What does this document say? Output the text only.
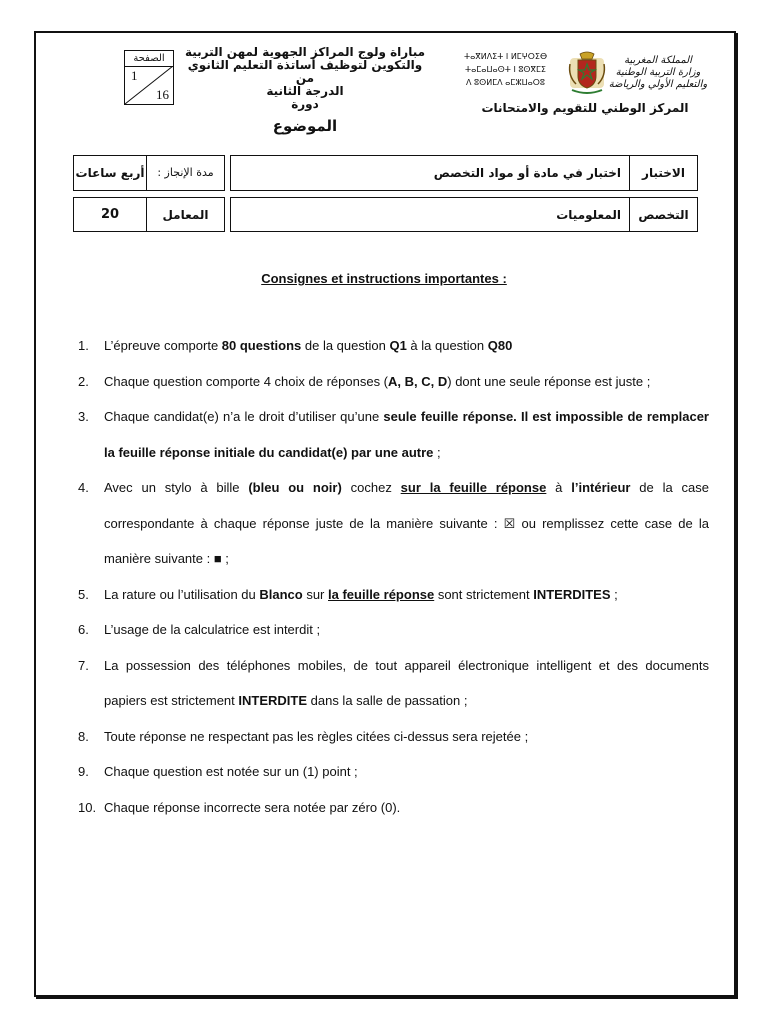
الصفحة
1
16
مباراة ولوج المراكز الجهوية لمهن التربية
والتكوين لتوظيف أساتذة التعليم الثانوي من
الدرجة الثانية
دورة
الموضوع
ⵜⴰⴳⵍⴷⵉⵜ ⵏ ⵍⵎⵖⵔⵉⴱ
ⵜⴰⵎⴰⵡⴰⵙⵜ ⵏ ⵓⵙⴳⵎⵉ
ⴷ ⵓⵙⵍⵎⴷ ⴰⵎⵣⵡⴰⵔⵓ
المملكة المغربية
وزارة التربية الوطنية
والتعليم الأولي والرياضة
المركز الوطني للتقويم والامتحانات
مدة الإنجاز :
أربع ساعات	الاختبار
اختبار في مادة أو مواد التخصص
المعامل
20	التخصص
المعلوميات
Consignes et instructions importantes :
1. L’épreuve comporte 80 questions de la question Q1 à la question Q80
2. Chaque question comporte 4 choix de réponses (A, B, C, D) dont une seule réponse est juste ;
3. Chaque candidat(e) n’a le droit d’utiliser qu’une seule feuille réponse. Il est impossible de remplacer la feuille réponse initiale du candidat(e) par une autre ;
4. Avec un stylo à bille (bleu ou noir) cochez sur la feuille réponse à l’intérieur de la case correspondante à chaque réponse juste de la manière suivante : ☒ ou remplissez cette case de la manière suivante : ■ ;
5. La rature ou l’utilisation du Blanco sur la feuille réponse sont strictement INTERDITES ;
6. L’usage de la calculatrice est interdit ;
7. La possession des téléphones mobiles, de tout appareil électronique intelligent et des documents papiers est strictement INTERDITE dans la salle de passation ;
8. Toute réponse ne respectant pas les règles citées ci-dessus sera rejetée ;
9. Chaque question est notée sur un (1) point ;
10. Chaque réponse incorrecte sera notée par zéro (0).
